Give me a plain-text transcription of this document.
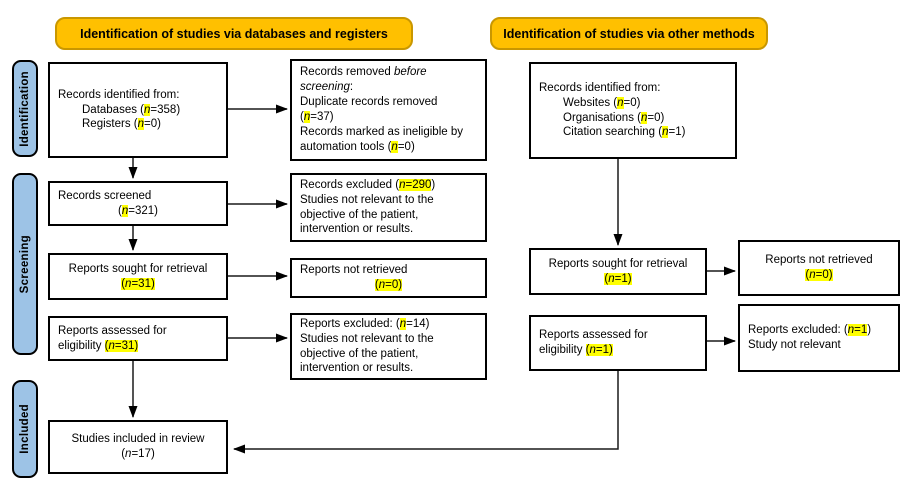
Identification of studies via databases and registers	Identification of studies via other methods
Identification
Screening
Included
Records identified from:
Databases (n=358)
Registers (n=0)
Records screened
(n=321)
Reports sought for retrieval
(n=31)
Reports assessed for
eligibility (n=31)
Studies included in review
(n=17)
Records removed before
screening:
Duplicate records removed
(n=37)
Records marked as ineligible by
automation tools (n=0)
Records excluded (n=290)
Studies not relevant to the
objective of the patient,
intervention or results.
Reports not retrieved
(n=0)
Reports excluded: (n=14)
Studies not relevant to the
objective of the patient,
intervention or results.
Records identified from:
Websites (n=0)
Organisations (n=0)
Citation searching (n=1)
Reports sought for retrieval
(n=1)
Reports assessed for
eligibility (n=1)
Reports not retrieved
(n=0)
Reports excluded: (n=1)
Study not relevant
